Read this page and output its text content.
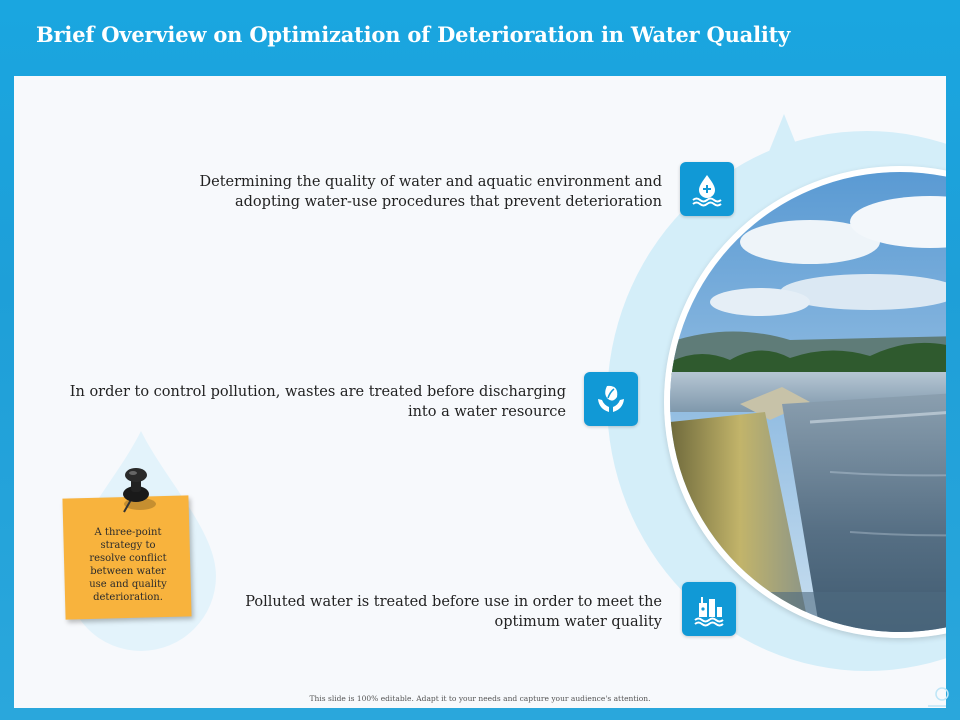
Brief Overview on Optimization of Deterioration in Water Quality

Determining the quality of water and aquatic environment and
adopting water-use procedures that prevent deterioration

In order to control pollution, wastes are treated before discharging
into a water resource

Polluted water is treated before use in order to meet the
optimum water quality

A three-point
strategy to
resolve conflict
between water
use and quality
deterioration.

This slide is 100% editable. Adapt it to your needs and capture your audience's attention.
